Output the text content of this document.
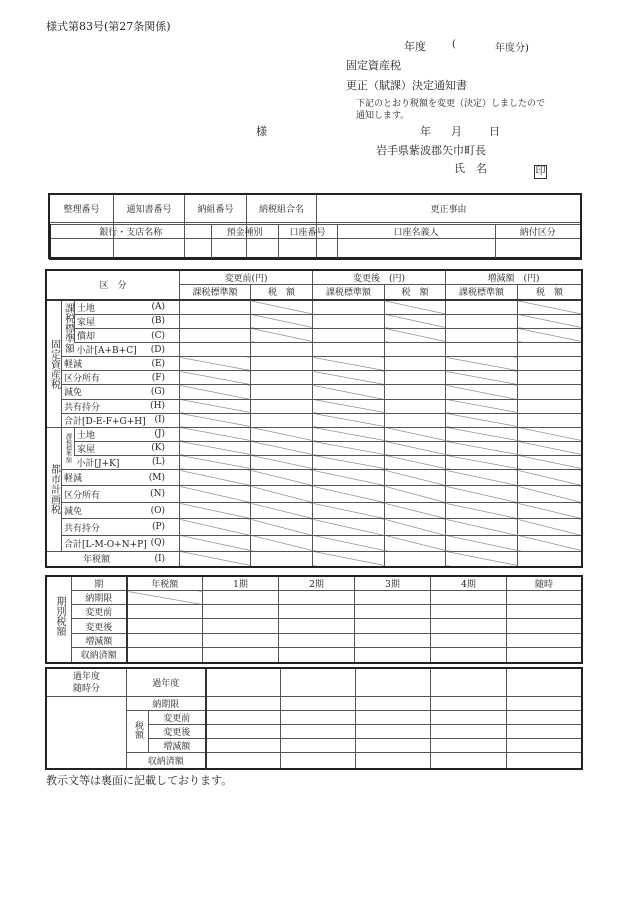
様式第83号(第27条関係)
年度	(	年度分)
固定資産税
更正（賦課）決定通知書
下記のとおり税額を変更（決定）しましたので
通知します。
様	年 月 日
岩手県紫波郡矢巾町長
氏　名	印
整理番号	通知書番号	納組番号	納税組合名	更正事由

銀行・支店名称	預金種別	口座番号	口座名義人	納付区分

区　分			変更前(円)		変更後　(円)		増減額　(円)	
			課税標準額	税　額	課税標準額	税　額	課税標準額	税　額
固定資産税	課税標準額	土地 (A)						

		家屋 (B)						

		償却 (C)						

		小計[A+B+C] (D)						

	軽減 (E)							

	区分所有 (F)							

	減免 (G)							

	共有持分 (H)							

	合計[D-E-F+G+H] (I)							

都市計画税	課税標準額	土地 (J)						

		家屋 (K)						

		小計[J+K] (L)						

	軽減 (M)							

	区分所有 (N)							

	減免 (O)							

	共有持分 (P)							

	合計[L-M-O+N+P] (Q)							

年税額 (I)								

期別税額	期	年税額	1期	2期	3期	4期	随時
	納期限						
	変更前						
	変更後						
	増減額						
	収納済額						
過年度
随時分	過年度						
	納期限						
	税額	変更前					
		変更後					
		増減額					
	収納済額						
教示文等は裏面に記載しております。
